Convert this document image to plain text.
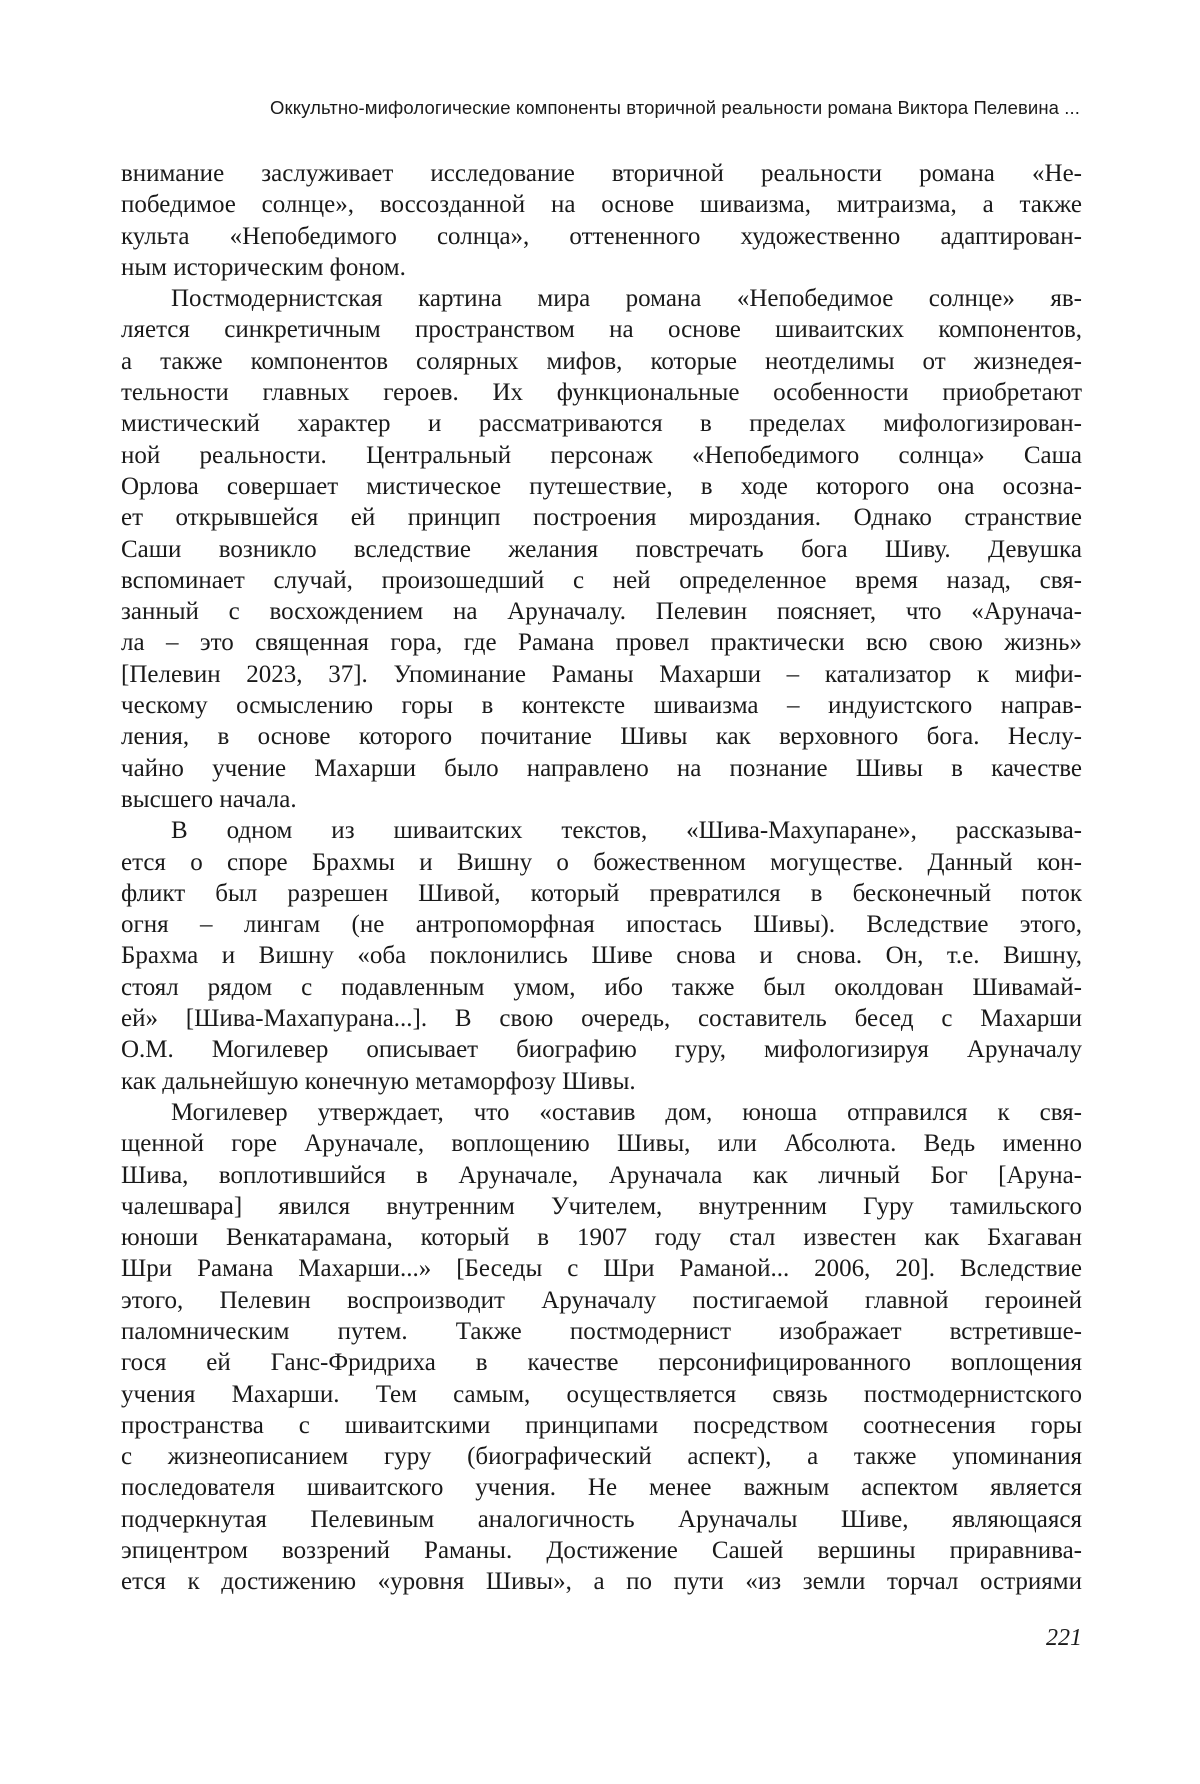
Оккультно-мифологические компоненты вторичной реальности романа Виктора Пелевина ...
внимание заслуживает исследование вторичной реальности романа «Не-
победимое солнце», воссозданной на основе шиваизма, митраизма, а также
культа «Непобедимого солнца», оттененного художественно адаптирован-
ным историческим фоном.
Постмодернистская картина мира романа «Непобедимое солнце» яв-
ляется синкретичным пространством на основе шиваитских компонентов,
а также компонентов солярных мифов, которые неотделимы от жизнедея-
тельности главных героев. Их функциональные особенности приобретают
мистический характер и рассматриваются в пределах мифологизирован-
ной реальности. Центральный персонаж «Непобедимого солнца» Саша
Орлова совершает мистическое путешествие, в ходе которого она осозна-
ет открывшейся ей принцип построения мироздания. Однако странствие
Саши возникло вследствие желания повстречать бога Шиву. Девушка
вспоминает случай, произошедший с ней определенное время назад, свя-
занный с восхождением на Аруначалу. Пелевин поясняет, что «Аруначa-
ла – это священная гора, где Рамана провел практически всю свою жизнь»
[Пелевин 2023, 37]. Упоминание Раманы Махарши – катализатор к мифи-
ческому осмыслению горы в контексте шиваизма – индуистского направ-
ления, в основе которого почитание Шивы как верховного бога. Неслу-
чайно учение Махарши было направлено на познание Шивы в качестве
высшего начала.
В одном из шиваитских текстов, «Шива-Махупаране», рассказыва-
ется о споре Брахмы и Вишну о божественном могуществе. Данный кон-
фликт был разрешен Шивой, который превратился в бесконечный поток
огня – лингам (не антропоморфная ипостась Шивы). Вследствие этого,
Брахма и Вишну «оба поклонились Шиве снова и снова. Он, т.е. Вишну,
стоял рядом с подавленным умом, ибо также был околдован Шивамай-
ей» [Шива-Махапурана...]. В свою очередь, составитель бесед с Махарши
О.М. Могилевер описывает биографию гуру, мифологизируя Аруначалу
как дальнейшую конечную метаморфозу Шивы.
Могилевер утверждает, что «оставив дом, юноша отправился к свя-
щенной горе Аруначале, воплощению Шивы, или Абсолюта. Ведь именно
Шива, воплотившийся в Аруначале, Аруначала как личный Бог [Аруна-
чалешвара] явился внутренним Учителем, внутренним Гуру тамильского
юноши Венкатарамана, который в 1907 году стал известен как Бхагаван
Шри Рамана Махарши...» [Беседы с Шри Раманой... 2006, 20]. Вследствие
этого, Пелевин воспроизводит Аруначалу постигаемой главной героиней
паломническим путем. Также постмодернист изображает встретивше-
гося ей Ганс-Фридриха в качестве персонифицированного воплощения
учения Махарши. Тем самым, осуществляется связь постмодернистского
пространства с шиваитскими принципами посредством соотнесения горы
с жизнеописанием гуру (биографический аспект), а также упоминания
последователя шиваитского учения. Не менее важным аспектом является
подчеркнутая Пелевиным аналогичность Аруначалы Шиве, являющаяся
эпицентром воззрений Раманы. Достижение Сашей вершины приравнива-
ется к достижению «уровня Шивы», а по пути «из земли торчал остриями
221
